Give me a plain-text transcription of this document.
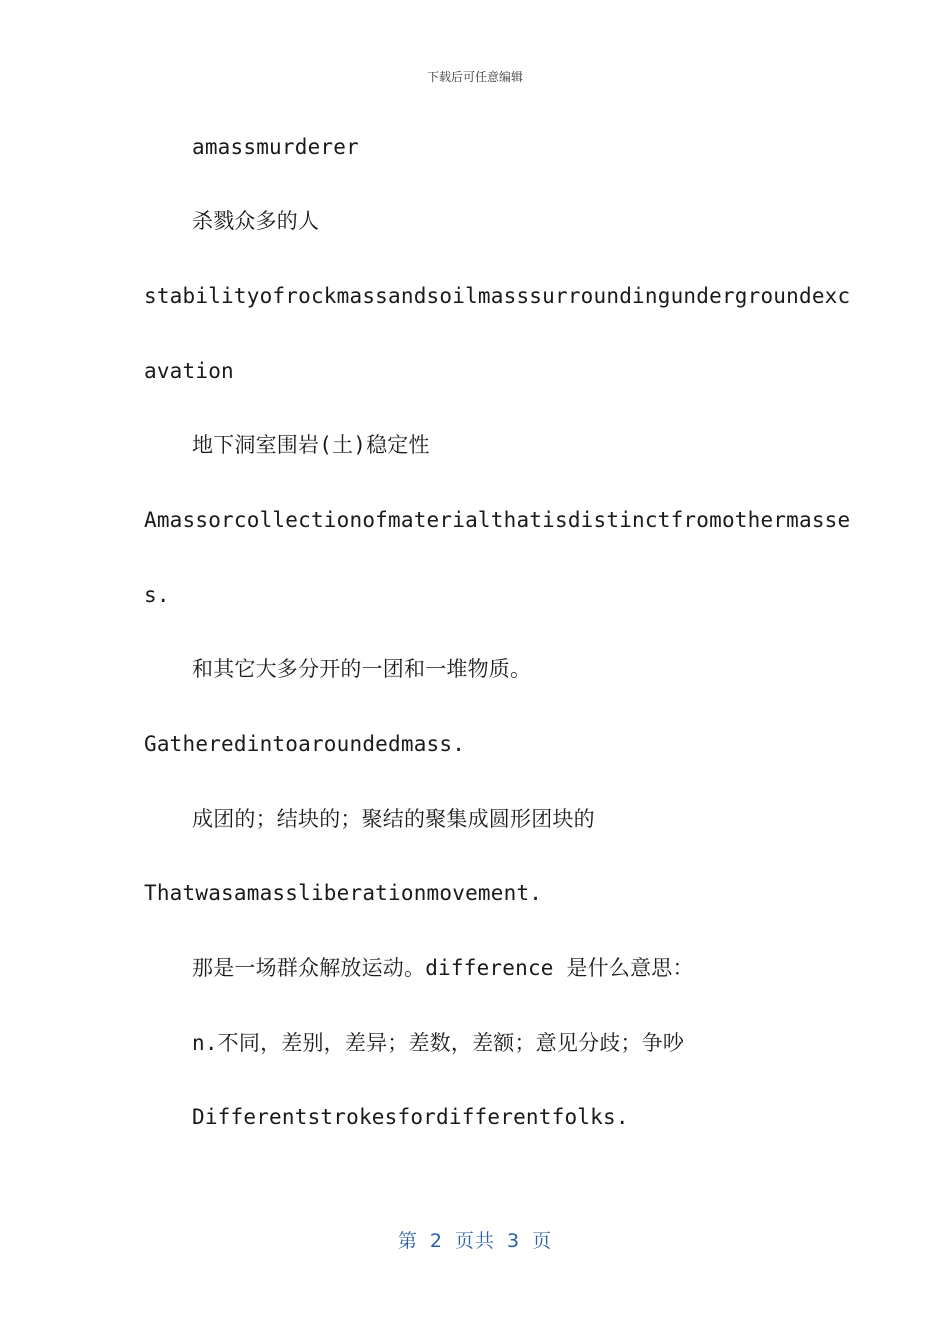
下载后可任意编辑
amassmurderer
杀戮众多的人
stabilityofrockmassandsoilmasssurroundingundergroundexc
avation
地下洞室围岩(土)稳定性
Amassorcollectionofmaterialthatisdistinctfromothermasse
s.
和其它大多分开的一团和一堆物质。
Gatheredintoaroundedmass.
成团的；结块的；聚结的聚集成圆形团块的
Thatwasamassliberationmovement.
那是一场群众解放运动。difference 是什么意思：
n.不同，差别，差异；差数，差额；意见分歧；争吵
Differentstrokesfordifferentfolks.
第 2 页共 3 页
